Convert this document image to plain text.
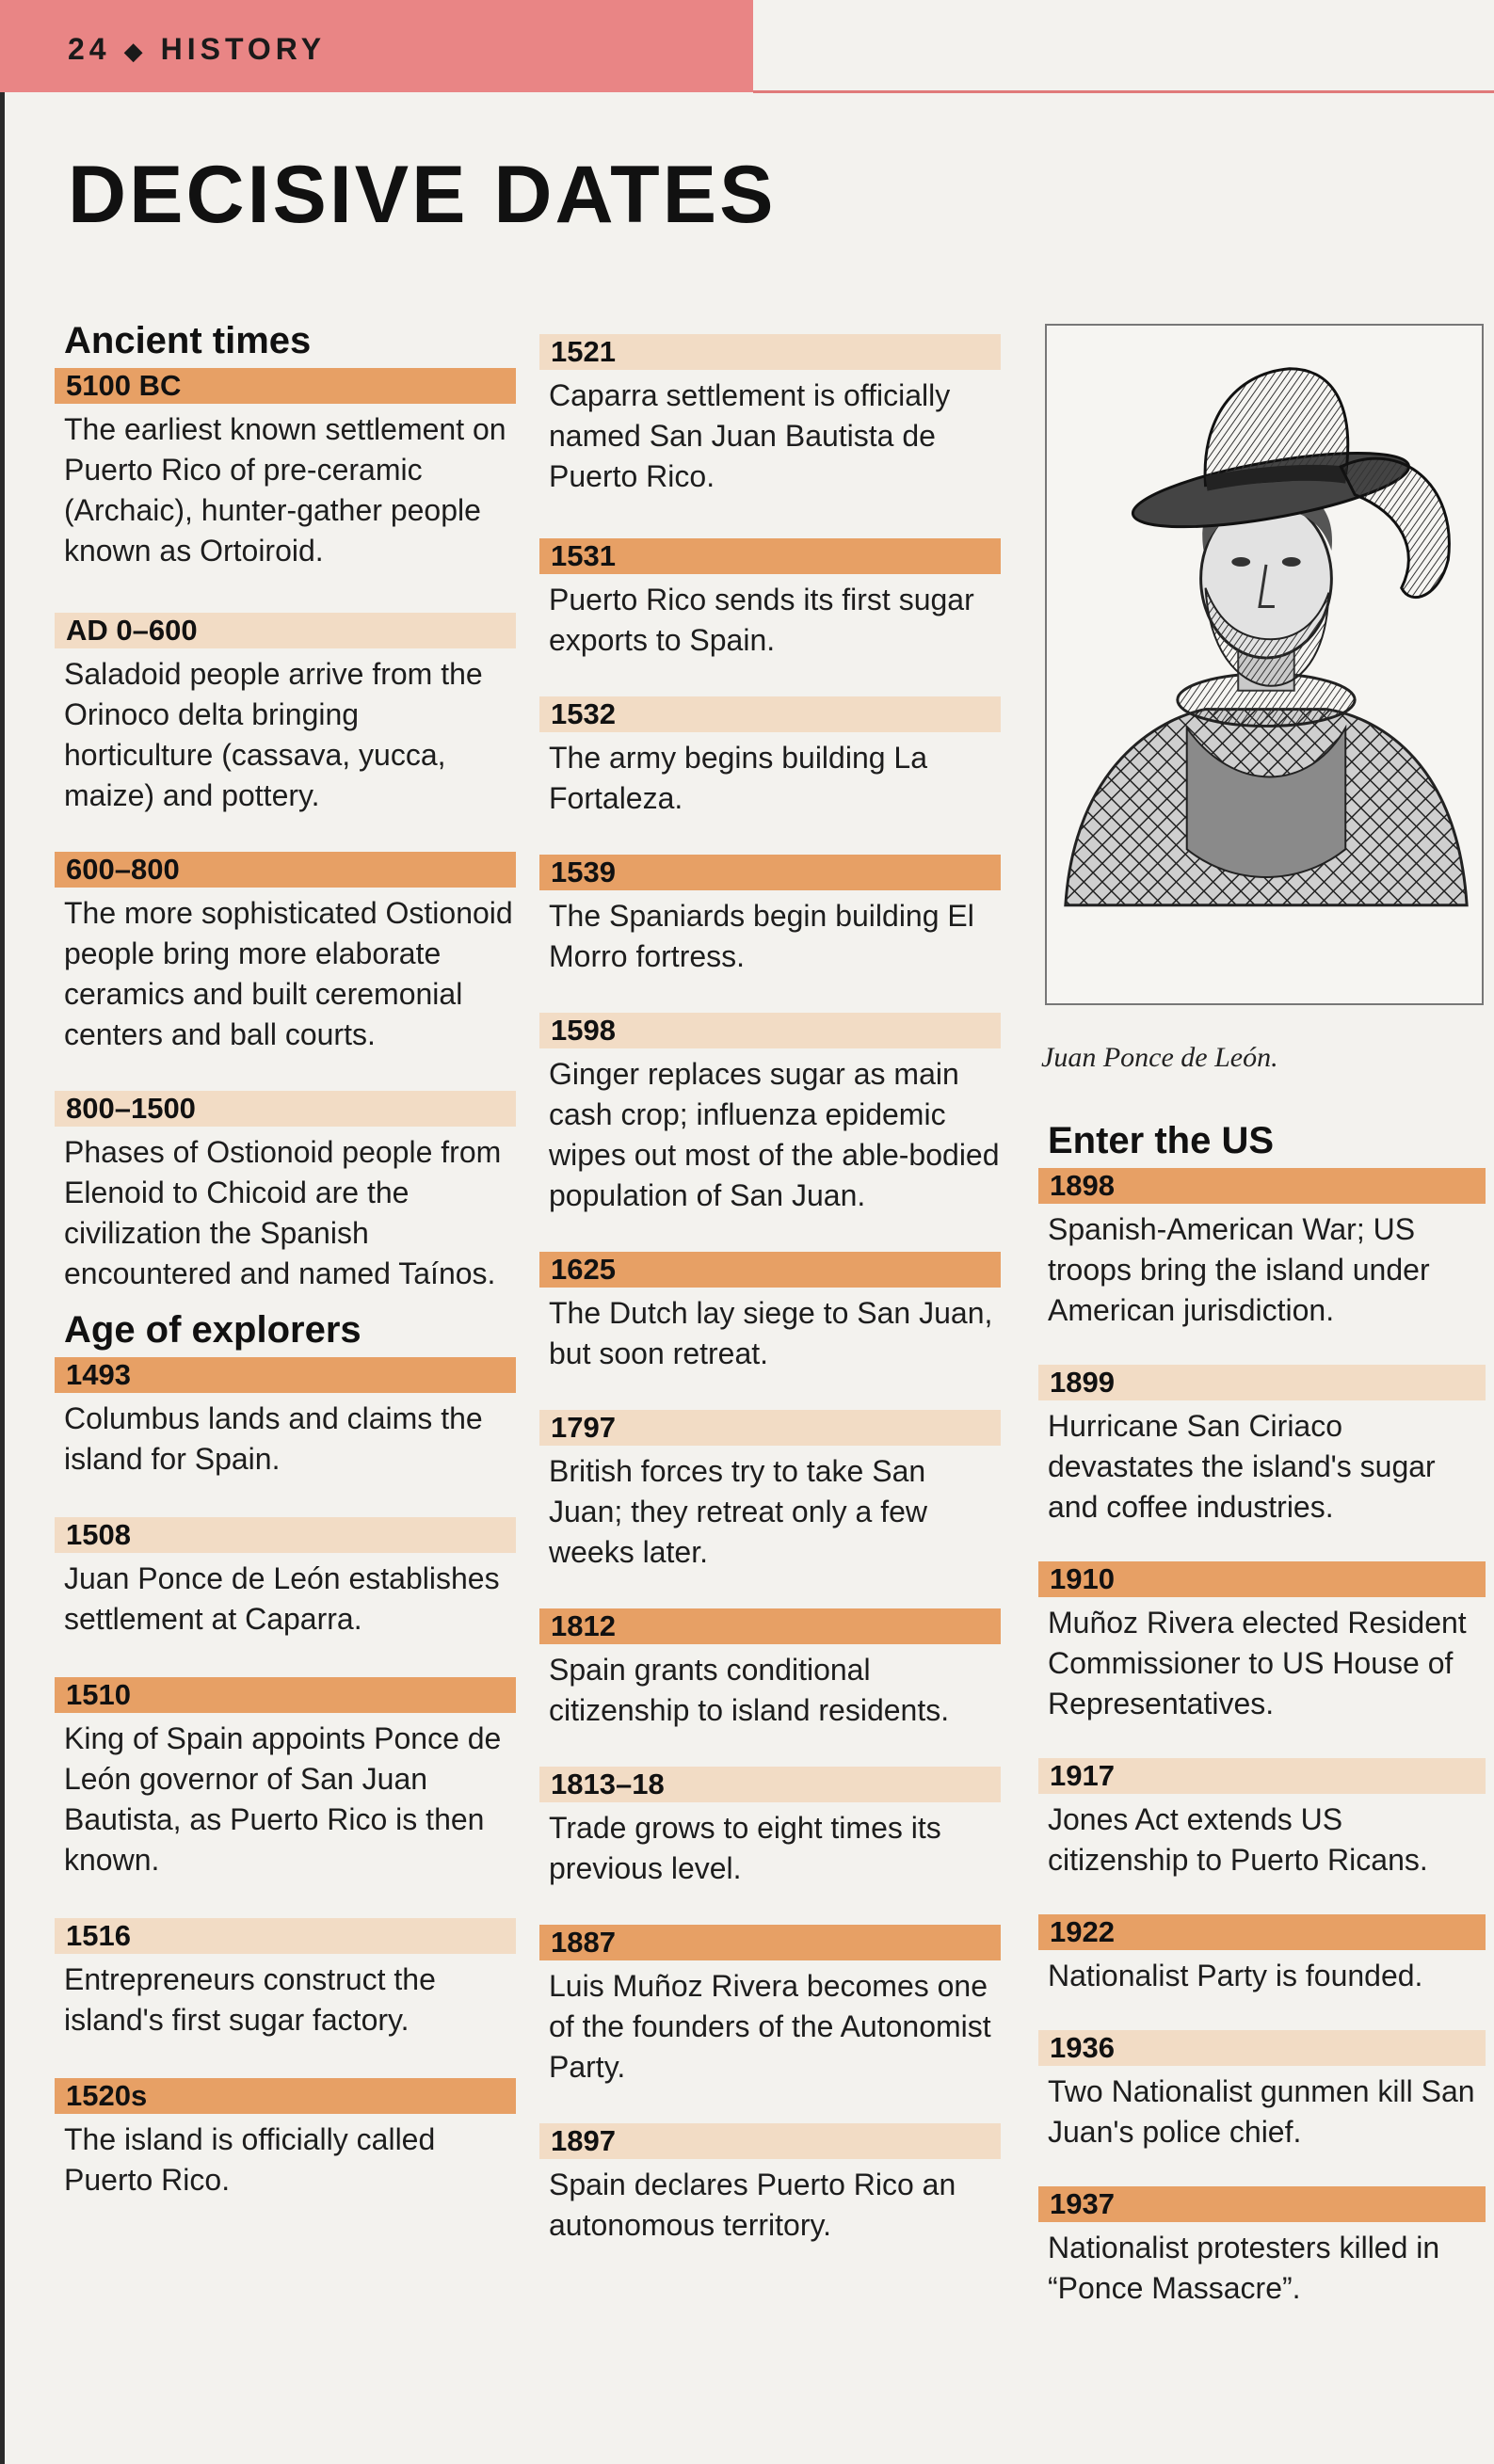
24 ◆ HISTORY
DECISIVE DATES
Ancient times
5100 BC
The earliest known settlement on Puerto Rico of pre-ceramic (Archaic), hunter-gather people known as Ortoiroid.
AD 0–600
Saladoid people arrive from the Orinoco delta bringing horticulture (cassava, yucca, maize) and pottery.
600–800
The more sophisticated Ostionoid people bring more elaborate ceramics and built ceremonial centers and ball courts.
800–1500
Phases of Ostionoid people from Elenoid to Chicoid are the civilization the Spanish encountered and named Taínos.
Age of explorers
1493
Columbus lands and claims the island for Spain.
1508
Juan Ponce de León establishes settlement at Caparra.
1510
King of Spain appoints Ponce de León governor of San Juan Bautista, as Puerto Rico is then known.
1516
Entrepreneurs construct the island's first sugar factory.
1520s
The island is officially called Puerto Rico.
1521
Caparra settlement is officially named San Juan Bautista de Puerto Rico.
1531
Puerto Rico sends its first sugar exports to Spain.
1532
The army begins building La Fortaleza.
1539
The Spaniards begin building El Morro fortress.
1598
Ginger replaces sugar as main cash crop; influenza epidemic wipes out most of the able-bodied population of San Juan.
1625
The Dutch lay siege to San Juan, but soon retreat.
1797
British forces try to take San Juan; they retreat only a few weeks later.
1812
Spain grants conditional citizenship to island residents.
1813–18
Trade grows to eight times its previous level.
1887
Luis Muñoz Rivera becomes one of the founders of the Autonomist Party.
1897
Spain declares Puerto Rico an autonomous territory.
Juan Ponce de León.
Enter the US
1898
Spanish-American War; US troops bring the island under American jurisdiction.
1899
Hurricane San Ciriaco devastates the island's sugar and coffee industries.
1910
Muñoz Rivera elected Resident Commissioner to US House of Representatives.
1917
Jones Act extends US citizenship to Puerto Ricans.
1922
Nationalist Party is founded.
1936
Two Nationalist gunmen kill San Juan's police chief.
1937
Nationalist protesters killed in “Ponce Massacre”.
